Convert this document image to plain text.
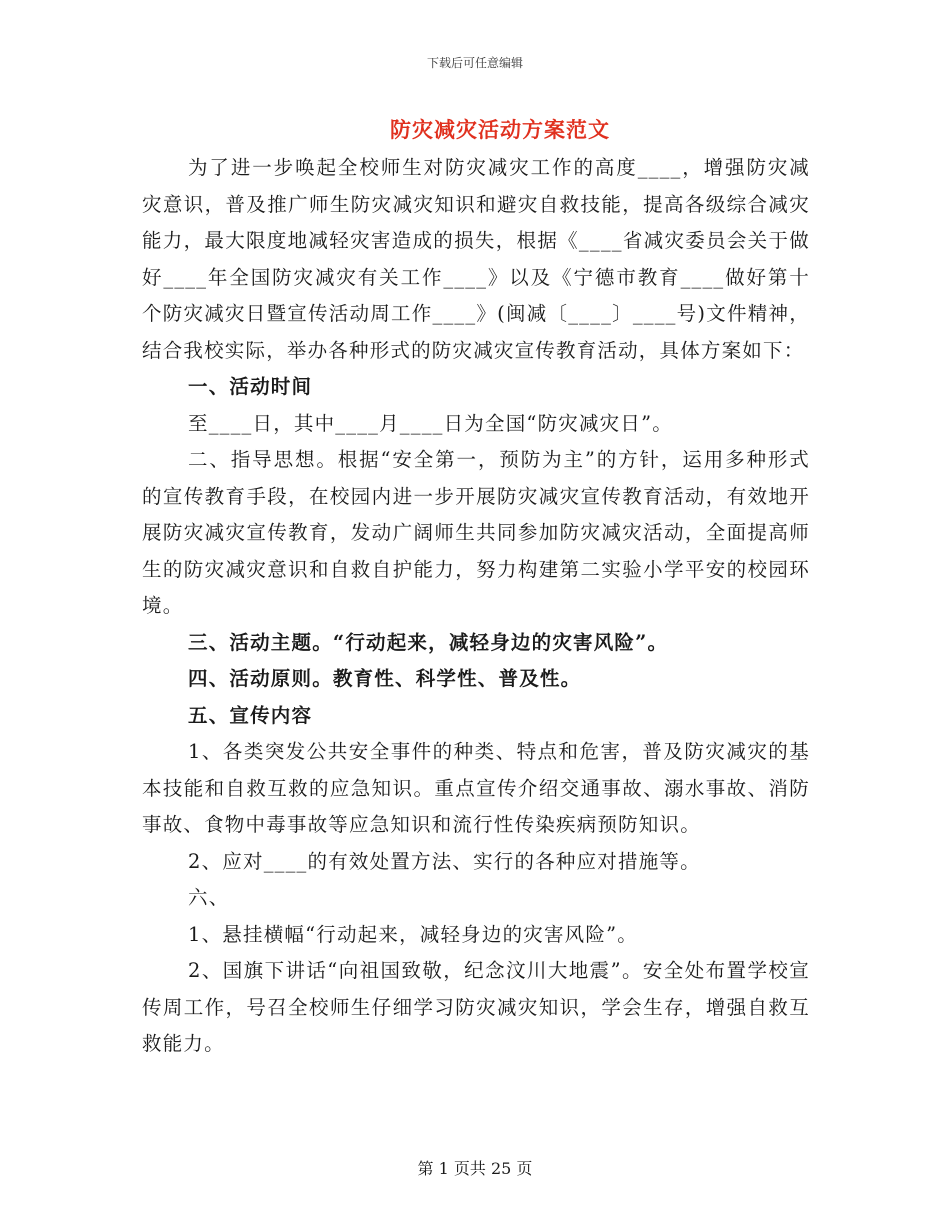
下载后可任意编辑
防灾减灾活动方案范文

为了进一步唤起全校师生对防灾减灾工作的高度____，增强防灾减灾意识，普及推广师生防灾减灾知识和避灾自救技能，提高各级综合减灾能力，最大限度地减轻灾害造成的损失，根据《____省减灾委员会关于做好____年全国防灾减灾有关工作____》以及《宁德市教育____做好第十个防灾减灾日暨宣传活动周工作____》(闽减〔____〕____号)文件精神，结合我校实际，举办各种形式的防灾减灾宣传教育活动，具体方案如下：

一、活动时间

至____日，其中____月____日为全国“防灾减灾日”。

二、指导思想。根据“安全第一，预防为主”的方针，运用多种形式的宣传教育手段，在校园内进一步开展防灾减灾宣传教育活动，有效地开展防灾减灾宣传教育，发动广阔师生共同参加防灾减灾活动，全面提高师生的防灾减灾意识和自救自护能力，努力构建第二实验小学平安的校园环境。

三、活动主题。“行动起来，减轻身边的灾害风险”。

四、活动原则。教育性、科学性、普及性。

五、宣传内容

1、各类突发公共安全事件的种类、特点和危害，普及防灾减灾的基本技能和自救互救的应急知识。重点宣传介绍交通事故、溺水事故、消防事故、食物中毒事故等应急知识和流行性传染疾病预防知识。

2、应对____的有效处置方法、实行的各种应对措施等。

六、

1、悬挂横幅“行动起来，减轻身边的灾害风险”。

2、国旗下讲话“向祖国致敬，纪念汶川大地震”。安全处布置学校宣传周工作，号召全校师生仔细学习防灾减灾知识，学会生存，增强自救互救能力。

第 1 页共 25 页
